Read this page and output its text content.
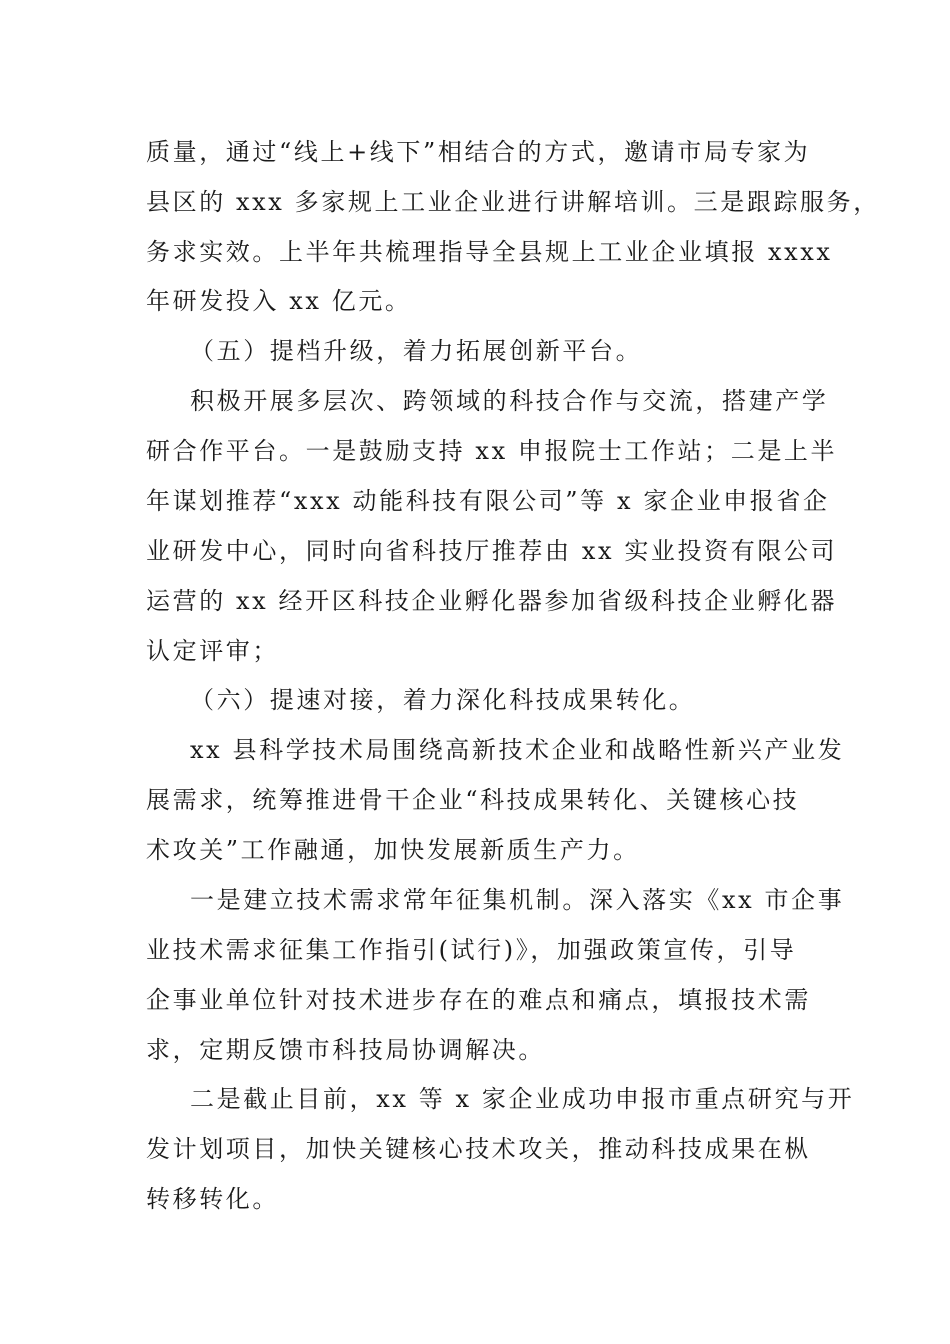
质量，通过“线上+线下”相结合的方式，邀请市局专家为

县区的 xxx 多家规上工业企业进行讲解培训。三是跟踪服务，

务求实效。上半年共梳理指导全县规上工业企业填报 xxxx

年研发投入 xx 亿元。

（五）提档升级，着力拓展创新平台。

积极开展多层次、跨领域的科技合作与交流，搭建产学

研合作平台。一是鼓励支持 xx 申报院士工作站；二是上半

年谋划推荐“xxx 动能科技有限公司”等 x 家企业申报省企

业研发中心，同时向省科技厅推荐由 xx 实业投资有限公司

运营的 xx 经开区科技企业孵化器参加省级科技企业孵化器

认定评审；

（六）提速对接，着力深化科技成果转化。

xx 县科学技术局围绕高新技术企业和战略性新兴产业发

展需求，统筹推进骨干企业“科技成果转化、关键核心技

术攻关”工作融通，加快发展新质生产力。

一是建立技术需求常年征集机制。深入落实《xx 市企事

业技术需求征集工作指引(试行)》，加强政策宣传，引导

企事业单位针对技术进步存在的难点和痛点，填报技术需

求，定期反馈市科技局协调解决。

二是截止目前，xx 等 x 家企业成功申报市重点研究与开

发计划项目，加快关键核心技术攻关，推动科技成果在枞

转移转化。
